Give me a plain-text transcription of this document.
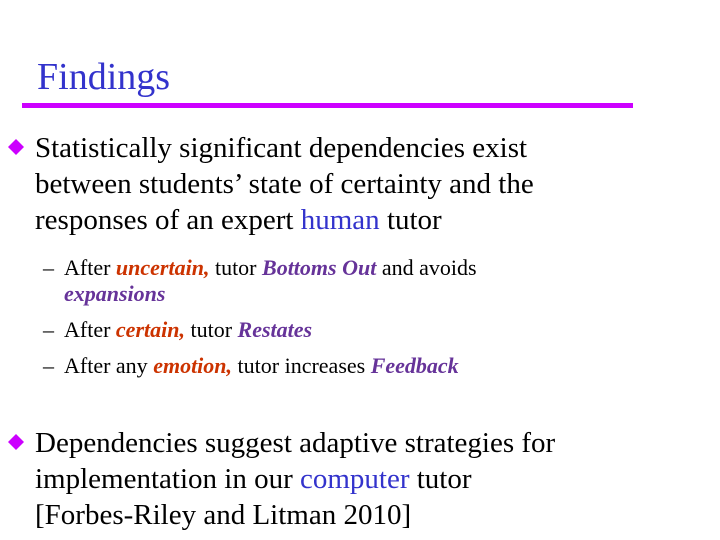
Findings
Statistically significant dependencies exist
between students’ state of certainty and the
responses of an expert human tutor
– After uncertain, tutor Bottoms Out and avoids
expansions
– After certain, tutor Restates
– After any emotion, tutor increases Feedback
Dependencies suggest adaptive strategies for
implementation in our computer tutor
[Forbes-Riley and Litman 2010]
